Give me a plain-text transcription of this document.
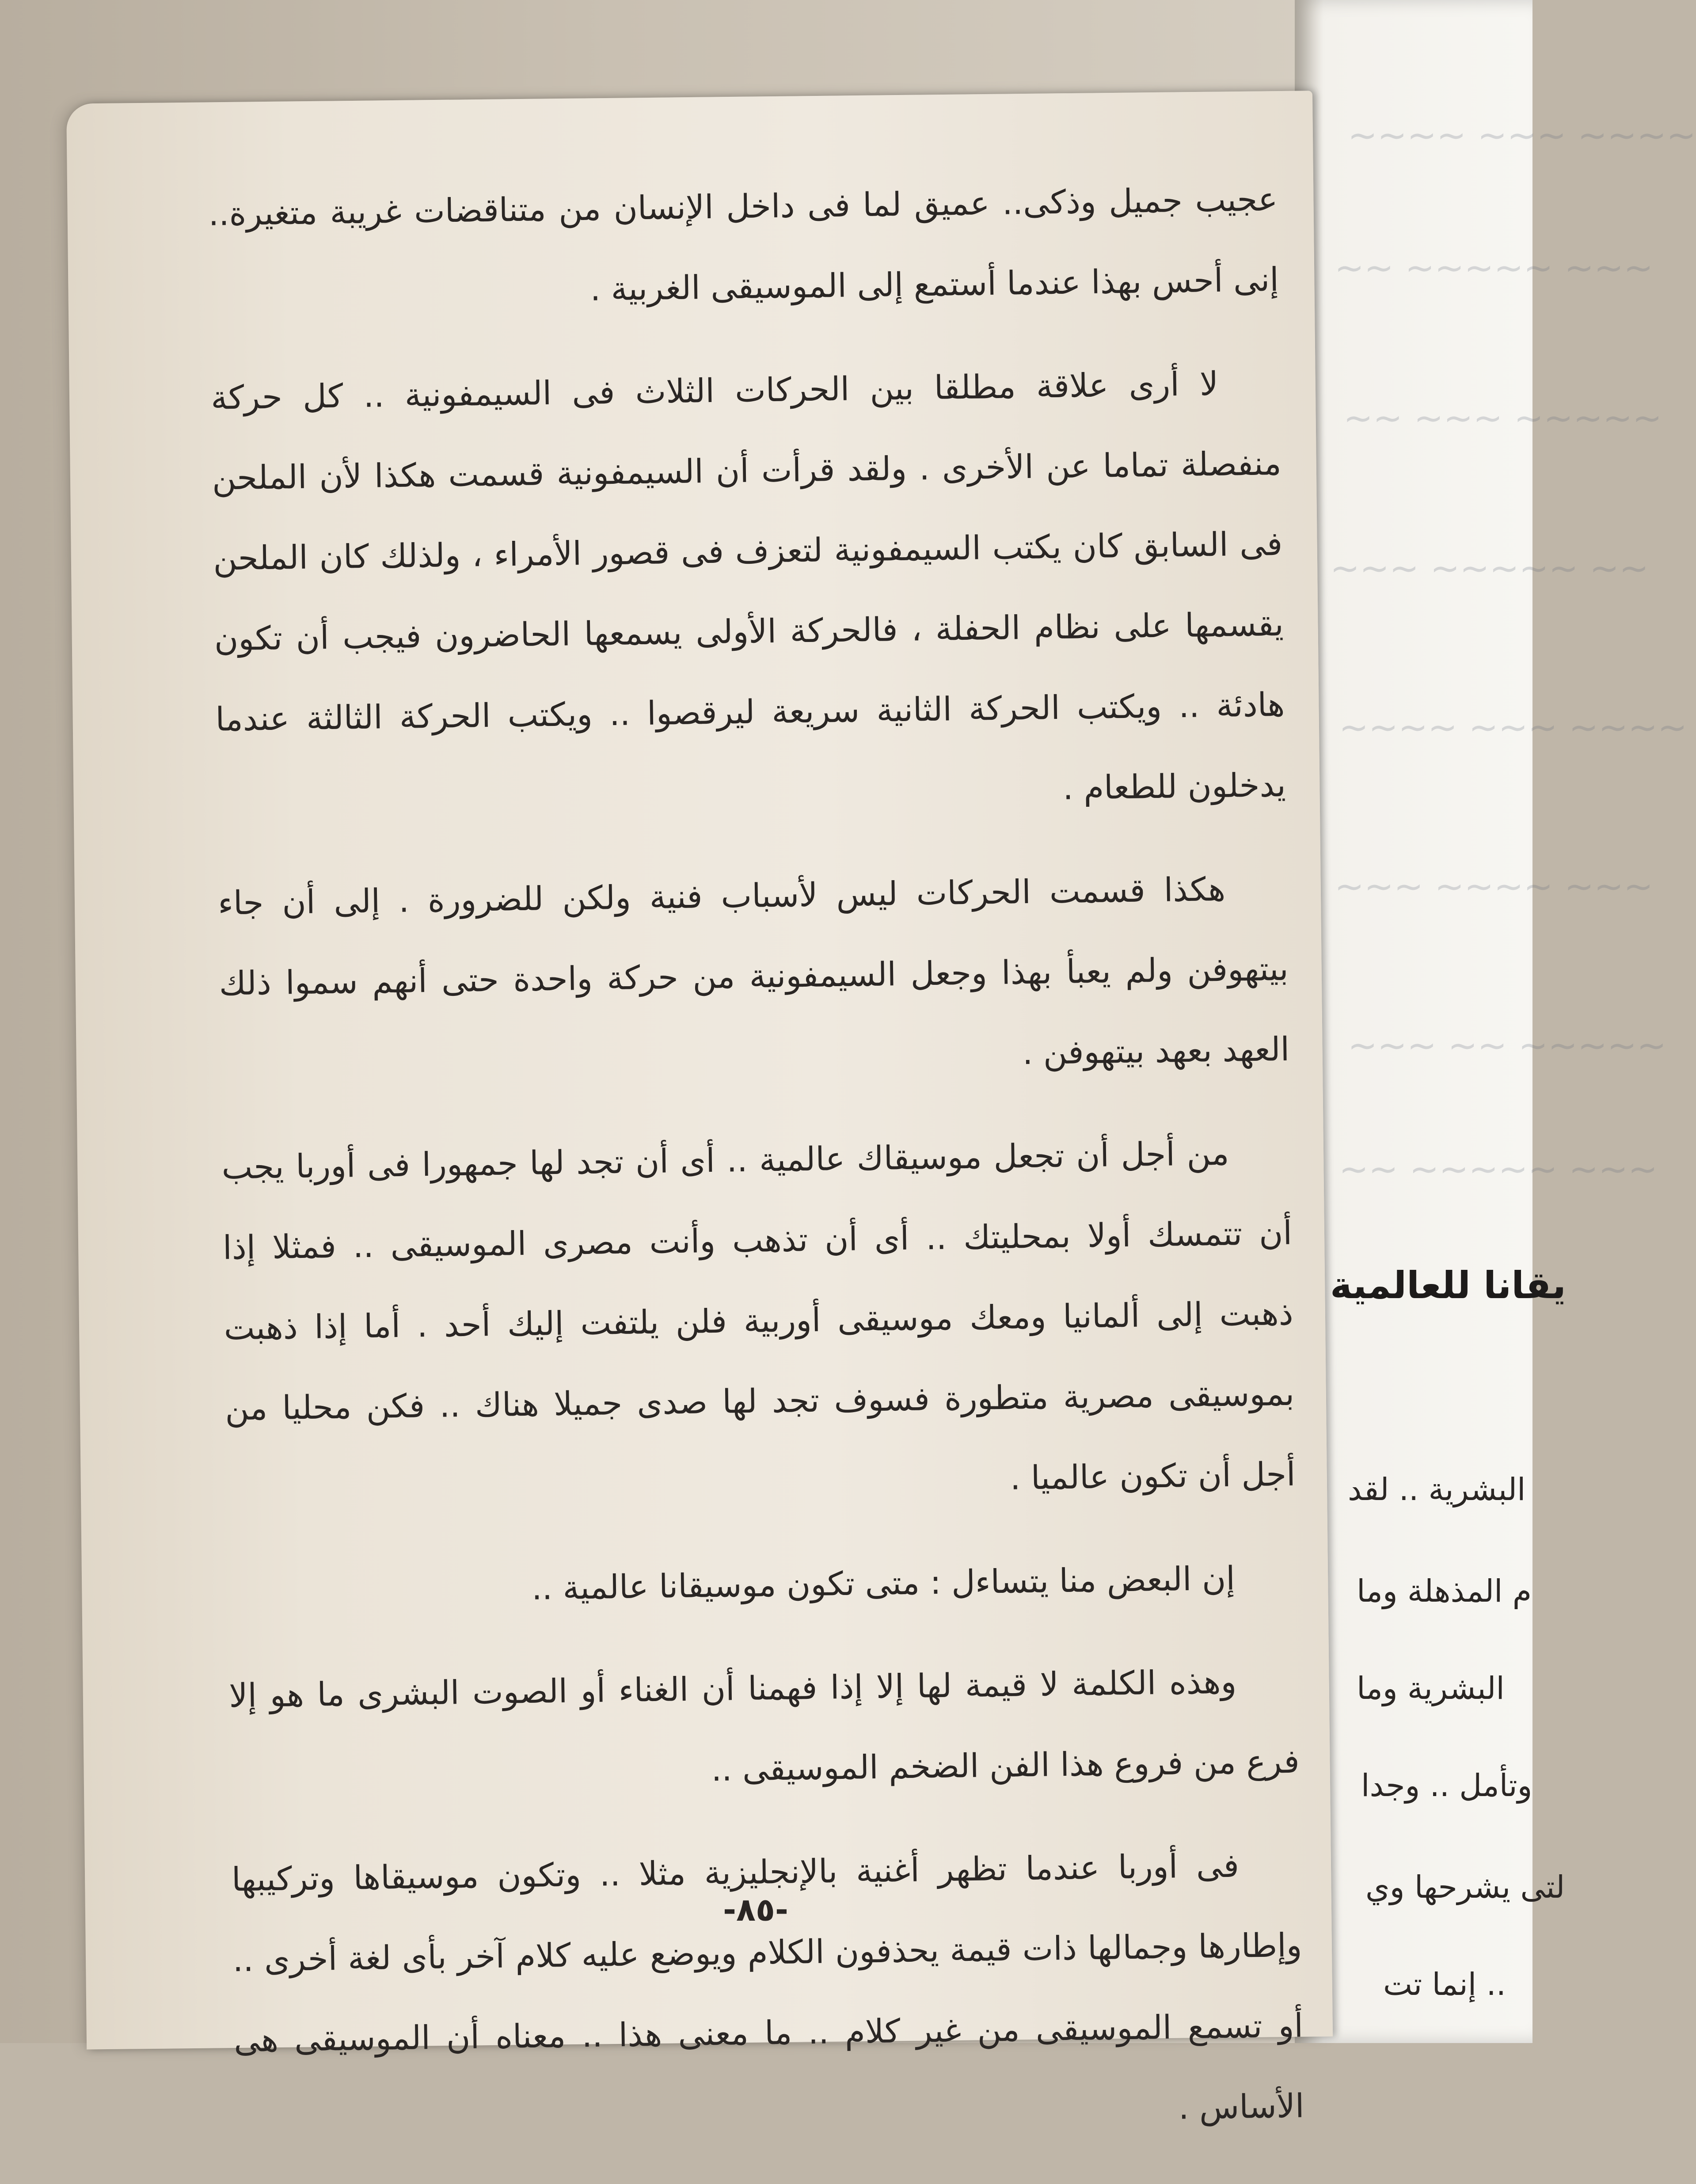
~~~~ ~~~ ~~~~
~~~ ~~~~~ ~~
~~~~~ ~~~ ~~
~~ ~~~~~ ~~~
~~~~ ~~~ ~~~~
~~~ ~~~~ ~~~
~~~~~ ~~ ~~~
~~~ ~~~~~ ~~
يقانا للعالمية
البشرية .. لقد
م المذهلة وما
البشرية وما
وتأمل .. وجدا
لتى يشرحها وي
.. إنما تت

عجيب جميل وذكى.. عميق لما فى داخل الإنسان من متناقضات غريبة متغيرة.. إنى أحس بهذا عندما أستمع إلى الموسيقى الغربية .

لا أرى علاقة مطلقا بين الحركات الثلاث فى السيمفونية .. كل حركة منفصلة تماما عن الأخرى . ولقد قرأت أن السيمفونية قسمت هكذا لأن الملحن فى السابق كان يكتب السيمفونية لتعزف فى قصور الأمراء ، ولذلك كان الملحن يقسمها على نظام الحفلة ، فالحركة الأولى يسمعها الحاضرون فيجب أن تكون هادئة .. ويكتب الحركة الثانية سريعة ليرقصوا .. ويكتب الحركة الثالثة عندما يدخلون للطعام .

هكذا قسمت الحركات ليس لأسباب فنية ولكن للضرورة . إلى أن جاء بيتهوفن ولم يعبأ بهذا وجعل السيمفونية من حركة واحدة حتى أنهم سموا ذلك العهد بعهد بيتهوفن .

من أجل أن تجعل موسيقاك عالمية .. أى أن تجد لها جمهورا فى أوربا يجب أن تتمسك أولا بمحليتك .. أى أن تذهب وأنت مصرى الموسيقى .. فمثلا إذا ذهبت إلى ألمانيا ومعك موسيقى أوربية فلن يلتفت إليك أحد . أما إذا ذهبت بموسيقى مصرية متطورة فسوف تجد لها صدى جميلا هناك .. فكن محليا من أجل أن تكون عالميا .

إن البعض منا يتساءل : متى تكون موسيقانا عالمية ..

وهذه الكلمة لا قيمة لها إلا إذا فهمنا أن الغناء أو الصوت البشرى ما هو إلا فرع من فروع هذا الفن الضخم الموسيقى ..

فى أوربا عندما تظهر أغنية بالإنجليزية مثلا .. وتكون موسيقاها وتركيبها وإطارها وجمالها ذات قيمة يحذفون الكلام ويوضع عليه كلام آخر بأى لغة أخرى .. أو تسمع الموسيقى من غير كلام .. ما معنى هذا .. معناه أن الموسيقى هى الأساس .

-٨٥-
